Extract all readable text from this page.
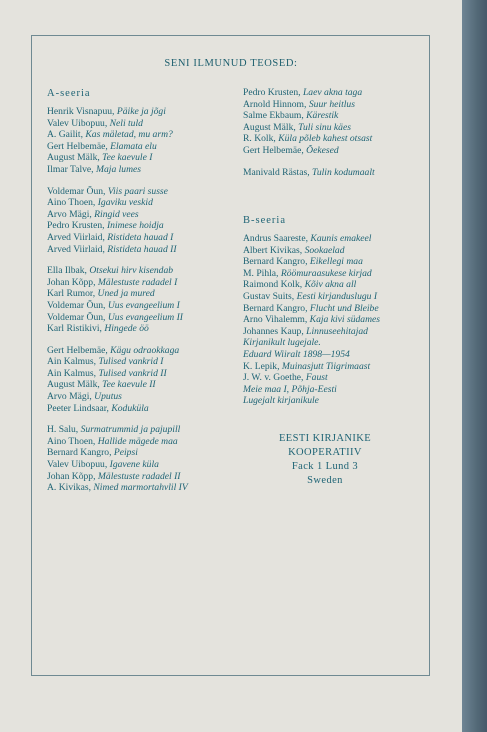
SENI ILMUNUD TEOSED:
A-seeria
Henrik Visnapuu, Päike ja jõgi
Valev Uibopuu, Neli tuld
A. Gailit, Kas mäletad, mu arm?
Gert Helbemäe, Elamata elu
August Mälk, Tee kaevule I
Ilmar Talve, Maja lumes
Voldemar Õun, Viis paari susse
Aino Thoen, Igaviku veskid
Arvo Mägi, Ringid vees
Pedro Krusten, Inimese hoidja
Arved Viirlaid, Ristideta hauad I
Arved Viirlaid, Ristideta hauad II
Ella Ilbak, Otsekui hirv kisendab
Johan Kõpp, Mälestuste radadel I
Karl Rumor, Uned ja mured
Voldemar Õun, Uus evangeelium I
Voldemar Õun, Uus evangeelium II
Karl Ristikivi, Hingede öö
Gert Helbemäe, Kägu odraokkaga
Ain Kalmus, Tulised vankrid I
Ain Kalmus, Tulised vankrid II
August Mälk, Tee kaevule II
Arvo Mägi, Uputus
Peeter Lindsaar, Koduküla
H. Salu, Surmatrummid ja pajupill
Aino Thoen, Hallide mägede maa
Bernard Kangro, Peipsi
Valev Uibopuu, Igavene küla
Johan Kõpp, Mälestuste radadel II
A. Kivikas, Nimed marmortahvlil IV
Pedro Krusten, Laev akna taga
Arnold Hinnom, Suur heitlus
Salme Ekbaum, Kärestik
August Mälk, Tuli sinu käes
R. Kolk, Küla põleb kahest otsast
Gert Helbemäe, Õekesed
Manivald Rästas, Tulin kodumaalt
B-seeria
Andrus Saareste, Kaunis emakeel
Albert Kivikas, Sookaelad
Bernard Kangro, Eikellegi maa
M. Pihla, Röömuraasukese kirjad
Raimond Kolk, Kõiv akna all
Gustav Suits, Eesti kirjanduslugu I
Bernard Kangro, Flucht und Bleibe
Arno Vihalemm, Kaja kivi südames
Johannes Kaup, Linnuseehitajad
Kirjanikult lugejale.
Eduard Wiiralt 1898—1954
K. Lepik, Muinasjutt Tiigrimaast
J. W. v. Goethe, Faust
Meie maa I, Põhja-Eesti
Lugejalt kirjanikule
EESTI KIRJANIKE
KOOPERATIIV
Fack 1 Lund 3
Sweden
